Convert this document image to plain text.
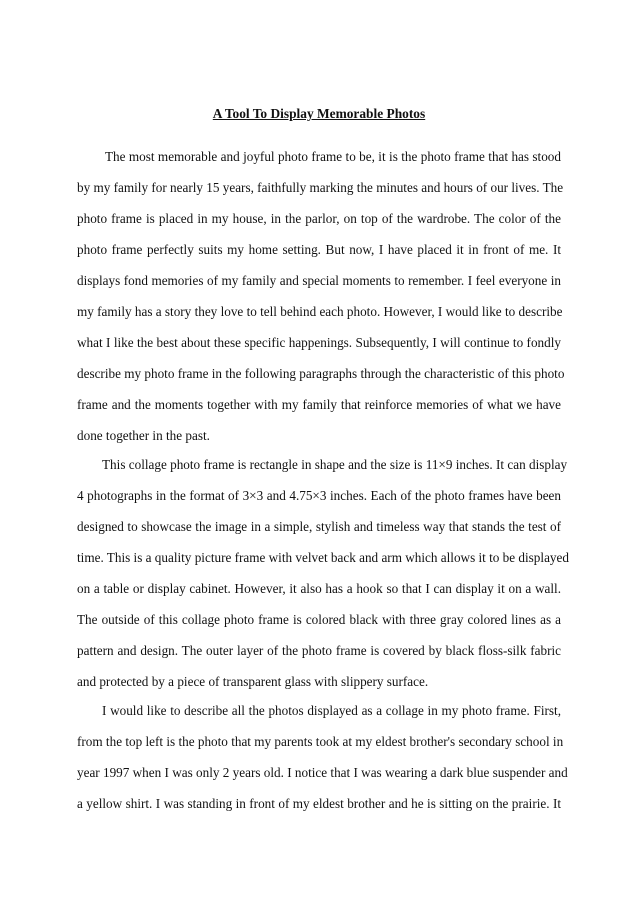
A Tool To Display Memorable Photos
The most memorable and joyful photo frame to be, it is the photo frame that has stood
by my family for nearly 15 years, faithfully marking the minutes and hours of our lives. The
photo frame is placed in my house, in the parlor, on top of the wardrobe. The color of the
photo frame perfectly suits my home setting. But now, I have placed it in front of me. It
displays fond memories of my family and special moments to remember. I feel everyone in
my family has a story they love to tell behind each photo. However, I would like to describe
what I like the best about these specific happenings. Subsequently, I will continue to fondly
describe my photo frame in the following paragraphs through the characteristic of this photo
frame and the moments together with my family that reinforce memories of what we have
done together in the past.
This collage photo frame is rectangle in shape and the size is 11×9 inches. It can display
4 photographs in the format of 3×3 and 4.75×3 inches. Each of the photo frames have been
designed to showcase the image in a simple, stylish and timeless way that stands the test of
time. This is a quality picture frame with velvet back and arm which allows it to be displayed
on a table or display cabinet. However, it also has a hook so that I can display it on a wall.
The outside of this collage photo frame is colored black with three gray colored lines as a
pattern and design. The outer layer of the photo frame is covered by black floss-silk fabric
and protected by a piece of transparent glass with slippery surface.
I would like to describe all the photos displayed as a collage in my photo frame. First,
from the top left is the photo that my parents took at my eldest brother's secondary school in
year 1997 when I was only 2 years old. I notice that I was wearing a dark blue suspender and
a yellow shirt. I was standing in front of my eldest brother and he is sitting on the prairie. It
